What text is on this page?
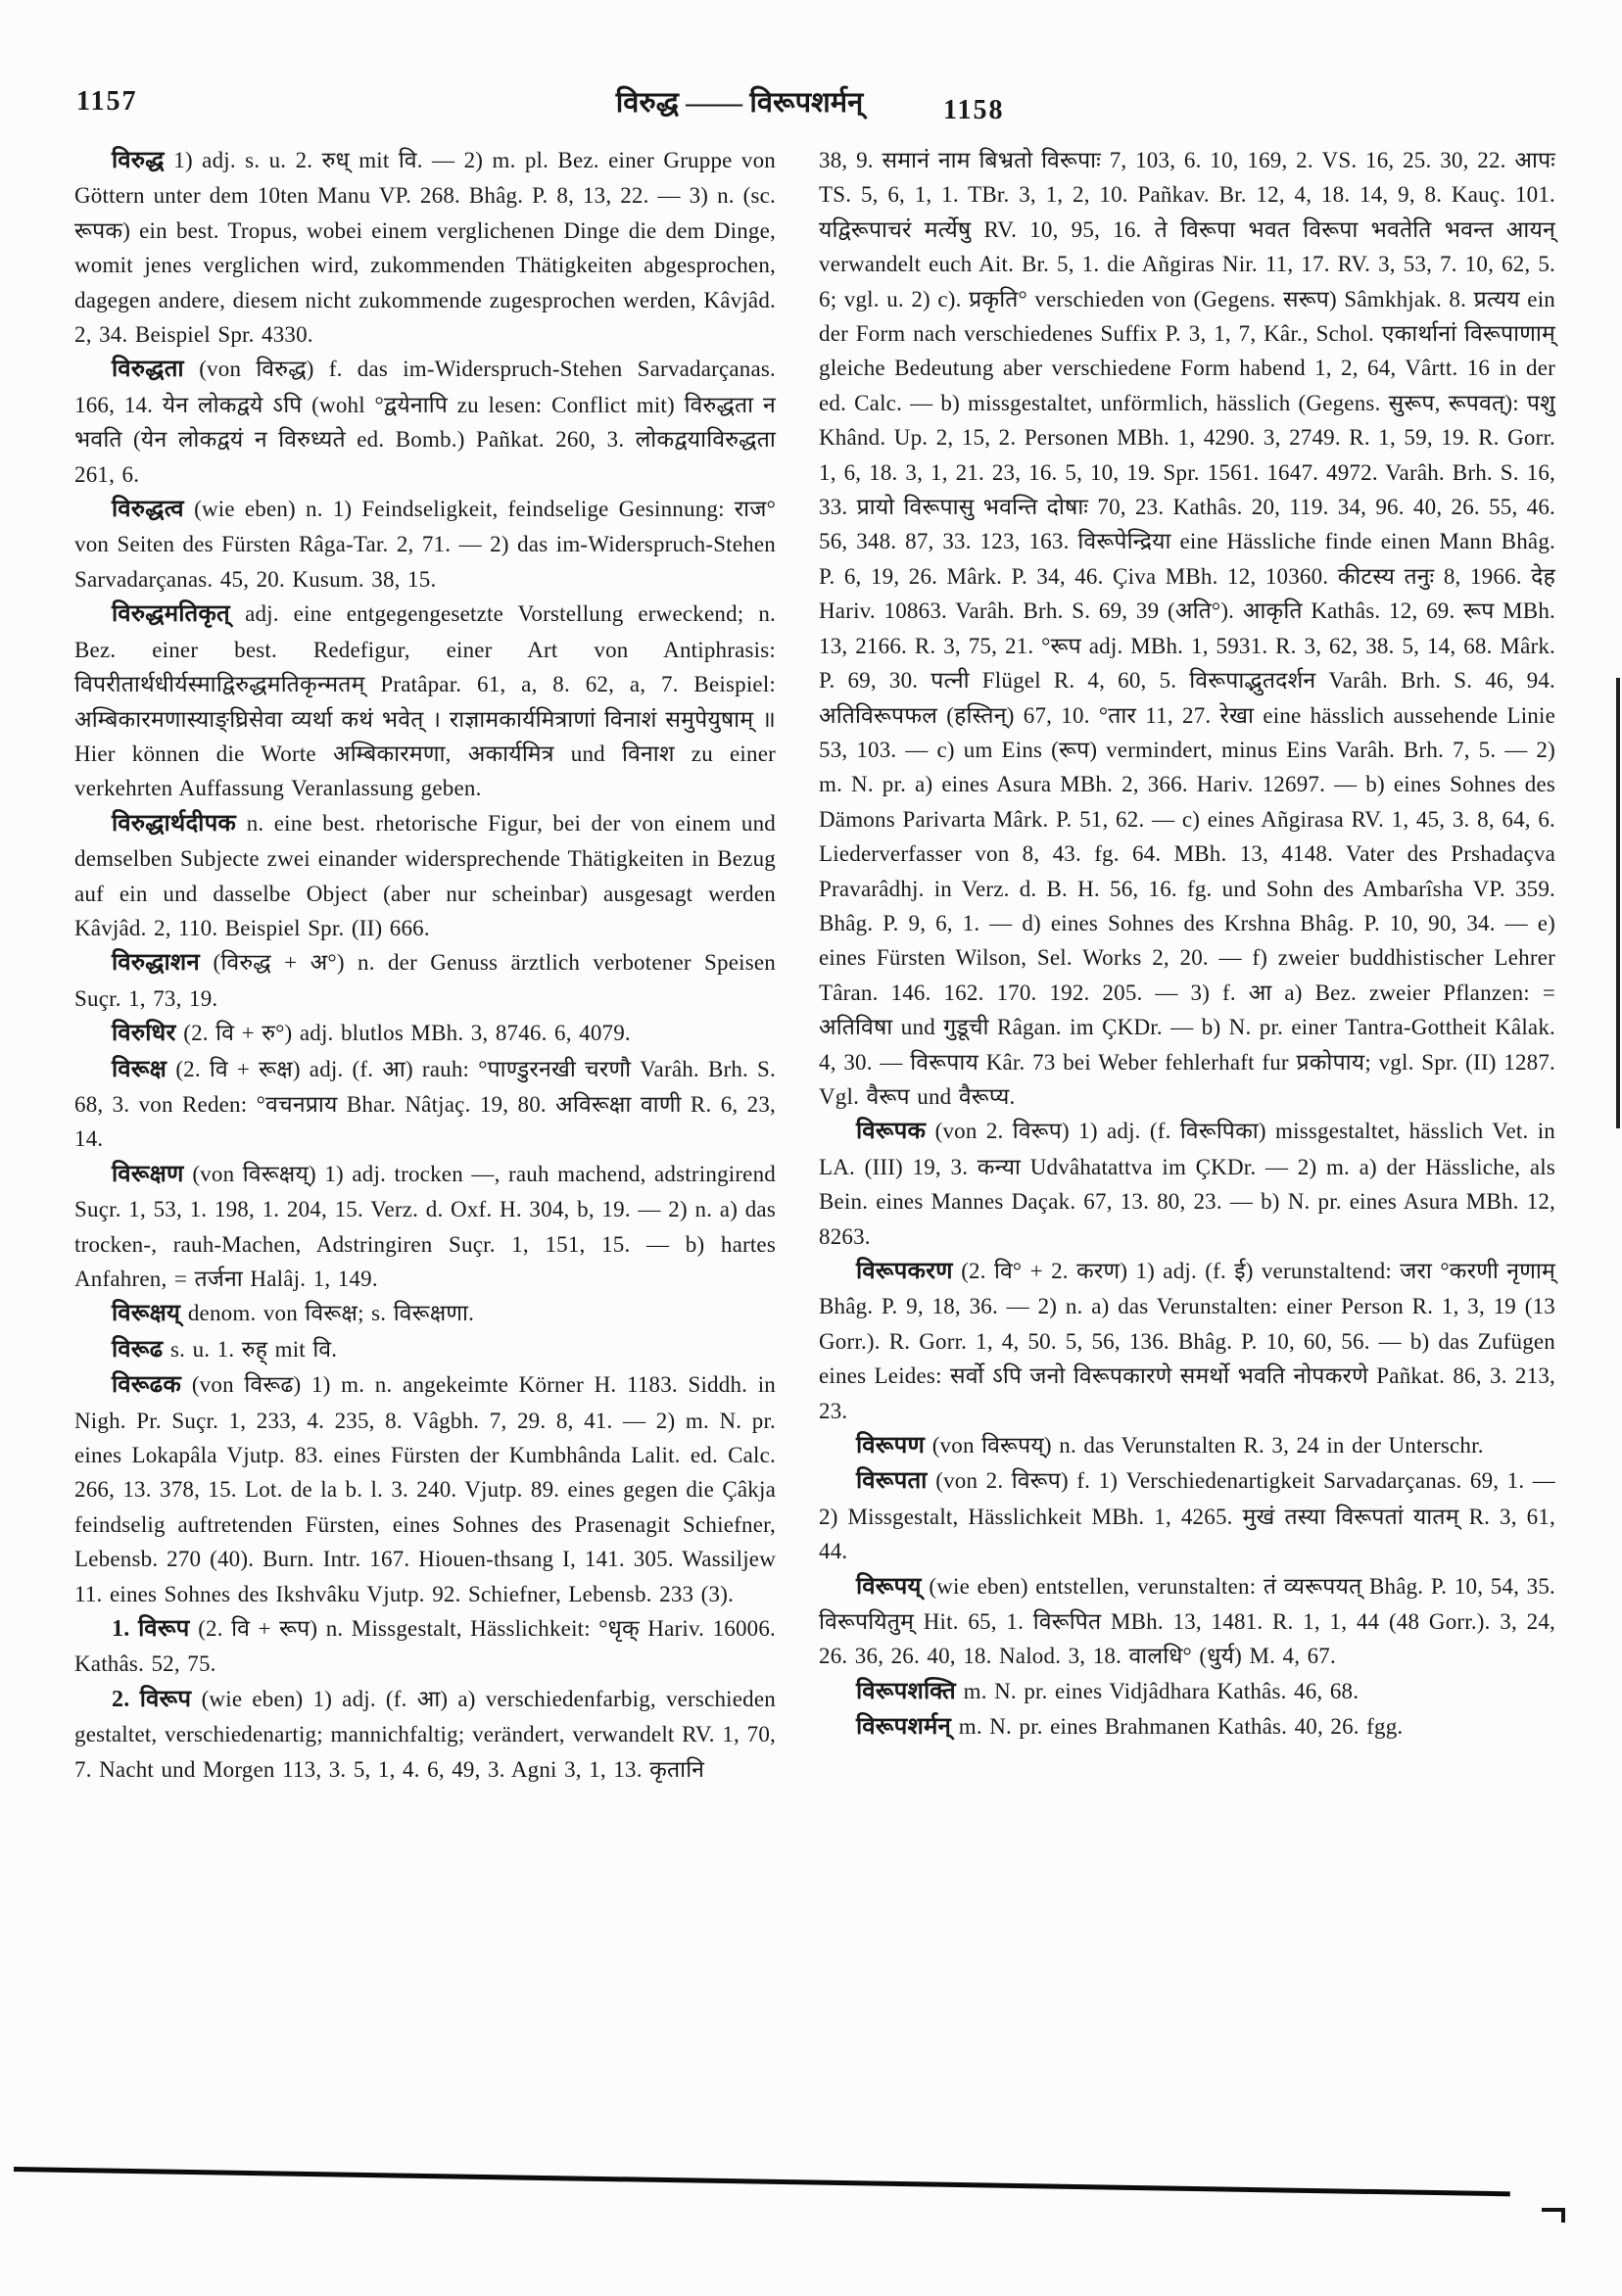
1157	विरुद्ध —— विरूपशर्मन्	1158

विरुद्ध 1) adj. s. u. 2. रुध् mit वि. — 2) m. pl. Bez. einer Gruppe von Göttern unter dem 10ten Manu VP. 268. Bhâg. P. 8, 13, 22. — 3) n. (sc. रूपक) ein best. Tropus, wobei einem verglichenen Dinge die dem Dinge, womit jenes verglichen wird, zukommenden Thätigkeiten abgesprochen, dagegen andere, diesem nicht zukommende zugesprochen werden, Kâvjâd. 2, 34. Beispiel Spr. 4330.

विरुद्धता (von विरुद्ध) f. das im-Widerspruch-Stehen Sarvadarçanas. 166, 14. येन लोकद्वये ऽपि (wohl °द्वयेनापि zu lesen: Conflict mit) विरुद्धता न भवति (येन लोकद्वयं न विरुध्यते ed. Bomb.) Pañkat. 260, 3. लोकद्वयाविरुद्धता 261, 6.

विरुद्धत्व (wie eben) n. 1) Feindseligkeit, feindselige Gesinnung: राज° von Seiten des Fürsten Râga-Tar. 2, 71. — 2) das im-Widerspruch-Stehen Sarvadarçanas. 45, 20. Kusum. 38, 15.

विरुद्धमतिकृत् adj. eine entgegengesetzte Vorstellung erweckend; n. Bez. einer best. Redefigur, einer Art von Antiphrasis: विपरीतार्थधीर्यस्माद्विरुद्धमतिकृन्मतम् Pratâpar. 61, a, 8. 62, a, 7. Beispiel: अम्बिकारमणास्याङ्घ्रिसेवा व्यर्था कथं भवेत् । राज्ञामकार्यमित्राणां विनाशं समुपेयुषाम् ॥ Hier können die Worte अम्बिकारमणा, अकार्यमित्र und विनाश zu einer verkehrten Auffassung Veranlassung geben.

विरुद्धार्थदीपक n. eine best. rhetorische Figur, bei der von einem und demselben Subjecte zwei einander widersprechende Thätigkeiten in Bezug auf ein und dasselbe Object (aber nur scheinbar) ausgesagt werden Kâvjâd. 2, 110. Beispiel Spr. (II) 666.

विरुद्धाशन (विरुद्ध + अ°) n. der Genuss ärztlich verbotener Speisen Suçr. 1, 73, 19.

विरुधिर (2. वि + रु°) adj. blutlos MBh. 3, 8746. 6, 4079.

विरूक्ष (2. वि + रूक्ष) adj. (f. आ) rauh: °पाण्डुरनखी चरणौ Varâh. Brh. S. 68, 3. von Reden: °वचनप्राय Bhar. Nâtjaç. 19, 80. अविरूक्षा वाणी R. 6, 23, 14.

विरूक्षण (von विरूक्षय्) 1) adj. trocken —, rauh machend, adstringirend Suçr. 1, 53, 1. 198, 1. 204, 15. Verz. d. Oxf. H. 304, b, 19. — 2) n. a) das trocken-, rauh-Machen, Adstringiren Suçr. 1, 151, 15. — b) hartes Anfahren, = तर्जना Halâj. 1, 149.

विरूक्षय् denom. von विरूक्ष; s. विरूक्षणा.

विरूढ s. u. 1. रुह् mit वि.

विरूढक (von विरूढ) 1) m. n. angekeimte Körner H. 1183. Siddh. in Nigh. Pr. Suçr. 1, 233, 4. 235, 8. Vâgbh. 7, 29. 8, 41. — 2) m. N. pr. eines Lokapâla Vjutp. 83. eines Fürsten der Kumbhânda Lalit. ed. Calc. 266, 13. 378, 15. Lot. de la b. l. 3. 240. Vjutp. 89. eines gegen die Çâkja feindselig auftretenden Fürsten, eines Sohnes des Prasenagit Schiefner, Lebensb. 270 (40). Burn. Intr. 167. Hiouen-thsang I, 141. 305. Wassiljew 11. eines Sohnes des Ikshvâku Vjutp. 92. Schiefner, Lebensb. 233 (3).

1. विरूप (2. वि + रूप) n. Missgestalt, Hässlichkeit: °धृक् Hariv. 16006. Kathâs. 52, 75.

2. विरूप (wie eben) 1) adj. (f. आ) a) verschiedenfarbig, verschieden gestaltet, verschiedenartig; mannichfaltig; verändert, verwandelt RV. 1, 70, 7. Nacht und Morgen 113, 3. 5, 1, 4. 6, 49, 3. Agni 3, 1, 13. कृतानि

38, 9. समानं नाम बिभ्रतो विरूपाः 7, 103, 6. 10, 169, 2. VS. 16, 25. 30, 22. आपः TS. 5, 6, 1, 1. TBr. 3, 1, 2, 10. Pañkav. Br. 12, 4, 18. 14, 9, 8. Kauç. 101. यद्विरूपाचरं मर्त्येषु RV. 10, 95, 16. ते विरूपा भवत विरूपा भवतेति भवन्त आयन् verwandelt euch Ait. Br. 5, 1. die Añgiras Nir. 11, 17. RV. 3, 53, 7. 10, 62, 5. 6; vgl. u. 2) c). प्रकृति° verschieden von (Gegens. सरूप) Sâmkhjak. 8. प्रत्यय ein der Form nach verschiedenes Suffix P. 3, 1, 7, Kâr., Schol. एकार्थानां विरूपाणाम् gleiche Bedeutung aber verschiedene Form habend 1, 2, 64, Vârtt. 16 in der ed. Calc. — b) missgestaltet, unförmlich, hässlich (Gegens. सुरूप, रूपवत्): पशु Khând. Up. 2, 15, 2. Personen MBh. 1, 4290. 3, 2749. R. 1, 59, 19. R. Gorr. 1, 6, 18. 3, 1, 21. 23, 16. 5, 10, 19. Spr. 1561. 1647. 4972. Varâh. Brh. S. 16, 33. प्रायो विरूपासु भवन्ति दोषाः 70, 23. Kathâs. 20, 119. 34, 96. 40, 26. 55, 46. 56, 348. 87, 33. 123, 163. विरूपेन्द्रिया eine Hässliche finde einen Mann Bhâg. P. 6, 19, 26. Mârk. P. 34, 46. Çiva MBh. 12, 10360. कीटस्य तनुः 8, 1966. देह Hariv. 10863. Varâh. Brh. S. 69, 39 (अति°). आकृति Kathâs. 12, 69. रूप MBh. 13, 2166. R. 3, 75, 21. °रूप adj. MBh. 1, 5931. R. 3, 62, 38. 5, 14, 68. Mârk. P. 69, 30. पत्नी Flügel R. 4, 60, 5. विरूपाद्भुतदर्शन Varâh. Brh. S. 46, 94. अतिविरूपफल (हस्तिन्) 67, 10. °तार 11, 27. रेखा eine hässlich aussehende Linie 53, 103. — c) um Eins (रूप) vermindert, minus Eins Varâh. Brh. 7, 5. — 2) m. N. pr. a) eines Asura MBh. 2, 366. Hariv. 12697. — b) eines Sohnes des Dämons Parivarta Mârk. P. 51, 62. — c) eines Añgirasa RV. 1, 45, 3. 8, 64, 6. Liederverfasser von 8, 43. fg. 64. MBh. 13, 4148. Vater des Prshadaçva Pravarâdhj. in Verz. d. B. H. 56, 16. fg. und Sohn des Ambarîsha VP. 359. Bhâg. P. 9, 6, 1. — d) eines Sohnes des Krshna Bhâg. P. 10, 90, 34. — e) eines Fürsten Wilson, Sel. Works 2, 20. — f) zweier buddhistischer Lehrer Târan. 146. 162. 170. 192. 205. — 3) f. आ a) Bez. zweier Pflanzen: = अतिविषा und गुडूची Râgan. im ÇKDr. — b) N. pr. einer Tantra-Gottheit Kâlak. 4, 30. — विरूपाय Kâr. 73 bei Weber fehlerhaft fur प्रकोपाय; vgl. Spr. (II) 1287. Vgl. वैरूप und वैरूप्य.

विरूपक (von 2. विरूप) 1) adj. (f. विरूपिका) missgestaltet, hässlich Vet. in LA. (III) 19, 3. कन्या Udvâhatattva im ÇKDr. — 2) m. a) der Hässliche, als Bein. eines Mannes Daçak. 67, 13. 80, 23. — b) N. pr. eines Asura MBh. 12, 8263.

विरूपकरण (2. वि° + 2. करण) 1) adj. (f. ई) verunstaltend: जरा °करणी नृणाम् Bhâg. P. 9, 18, 36. — 2) n. a) das Verunstalten: einer Person R. 1, 3, 19 (13 Gorr.). R. Gorr. 1, 4, 50. 5, 56, 136. Bhâg. P. 10, 60, 56. — b) das Zufügen eines Leides: सर्वो ऽपि जनो विरूपकारणे समर्थो भवति नोपकरणे Pañkat. 86, 3. 213, 23.

विरूपण (von विरूपय्) n. das Verunstalten R. 3, 24 in der Unterschr.

विरूपता (von 2. विरूप) f. 1) Verschiedenartigkeit Sarvadarçanas. 69, 1. — 2) Missgestalt, Hässlichkeit MBh. 1, 4265. मुखं तस्या विरूपतां यातम् R. 3, 61, 44.

विरूपय् (wie eben) entstellen, verunstalten: तं व्यरूपयत् Bhâg. P. 10, 54, 35. विरूपयितुम् Hit. 65, 1. विरूपित MBh. 13, 1481. R. 1, 1, 44 (48 Gorr.). 3, 24, 26. 36, 26. 40, 18. Nalod. 3, 18. वालधि° (धुर्य) M. 4, 67.

विरूपशक्ति m. N. pr. eines Vidjâdhara Kathâs. 46, 68.

विरूपशर्मन् m. N. pr. eines Brahmanen Kathâs. 40, 26. fgg.
